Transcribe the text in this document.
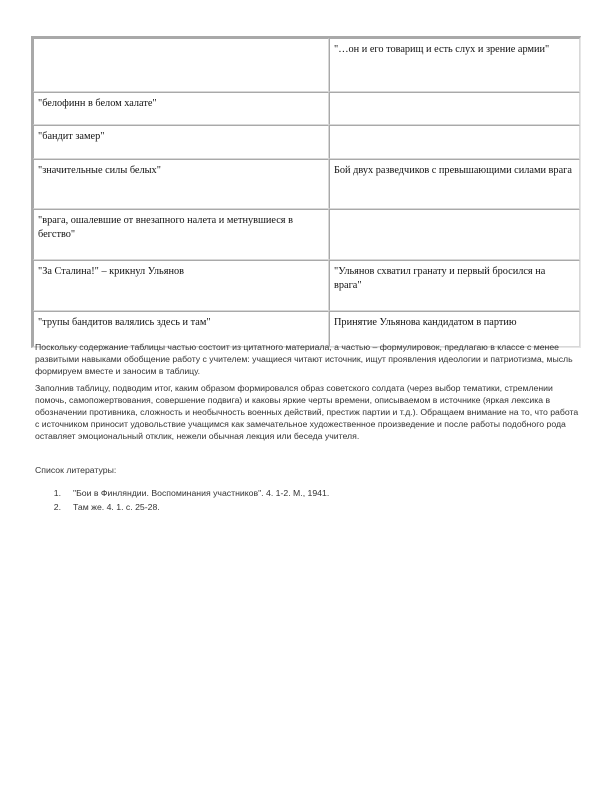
	"…он и его товарищ и есть слух и зрение армии"
"белофинн в белом халате"	
"бандит замер"	
"значительные силы белых"	Бой двух разведчиков с превышающими силами врага
"врага, ошалевшие от внезапного налета и метнувшиеся в бегство"	
"За Сталина!" – крикнул Ульянов	"Ульянов схватил гранату и первый бросился на врага"
"трупы бандитов валялись здесь и там"	Принятие Ульянова кандидатом в партию

Поскольку содержание таблицы частью состоит из цитатного материала, а частью – формулировок, предлагаю в классе с менее развитыми навыками обобщение работу с учителем: учащиеся читают источник, ищут проявления идеологии и патриотизма, мысль формируем вместе и заносим в таблицу.

Заполнив таблицу, подводим итог, каким образом формировался образ советского солдата (через выбор тематики, стремлении помочь, самопожертвования, совершение подвига) и каковы яркие черты времени, описываемом в источнике (яркая лексика в обозначении противника, сложность и необычность военных действий, престиж партии и т.д.). Обращаем внимание на то, что работа с источником приносит удовольствие учащимся как замечательное художественное произведение и после работы подобного рода оставляет эмоциональный отклик, нежели обычная лекция или беседа учителя.

Список литературы:

1.	"Бои в Финляндии. Воспоминания участников". 4. 1-2. М., 1941.
2.	Там же. 4. 1. с. 25-28.
